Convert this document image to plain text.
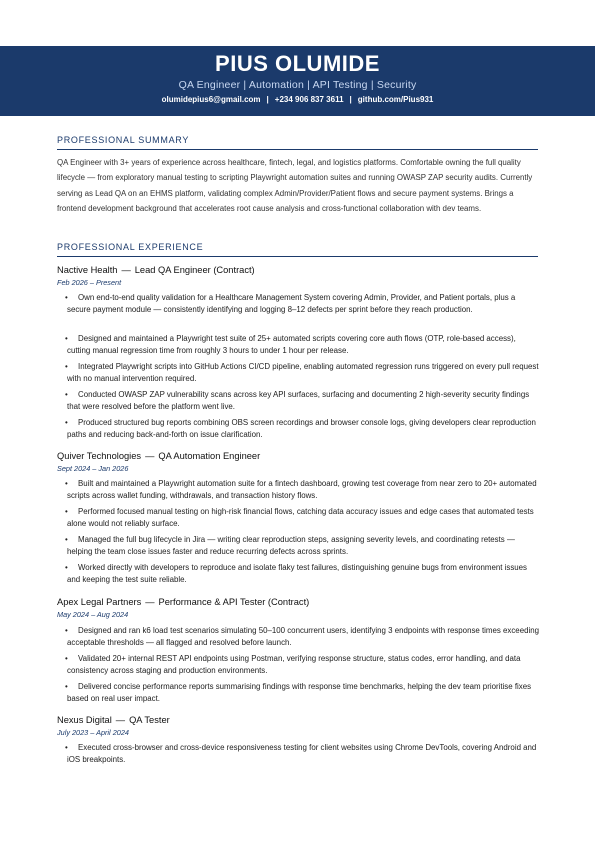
PIUS OLUMIDE
QA Engineer | Automation | API Testing | Security
olumidepius6@gmail.com | +234 906 837 3611 | github.com/Pius931
PROFESSIONAL SUMMARY
QA Engineer with 3+ years of experience across healthcare, fintech, legal, and logistics platforms. Comfortable owning the full quality lifecycle — from exploratory manual testing to scripting Playwright automation suites and running OWASP ZAP security audits. Currently serving as Lead QA on an EHMS platform, validating complex Admin/Provider/Patient flows and secure payment systems. Brings a frontend development background that accelerates root cause analysis and cross-functional collaboration with dev teams.
PROFESSIONAL EXPERIENCE
Nactive Health — Lead QA Engineer (Contract)
Feb 2026 – Present
•	Own end-to-end quality validation for a Healthcare Management System covering Admin, Provider, and Patient portals, plus a secure payment module — consistently identifying and logging 8–12 defects per sprint before they reach production.
•	Designed and maintained a Playwright test suite of 25+ automated scripts covering core auth flows (OTP, role-based access), cutting manual regression time from roughly 3 hours to under 1 hour per release.
•	Integrated Playwright scripts into GitHub Actions CI/CD pipeline, enabling automated regression runs triggered on every pull request with no manual intervention required.
•	Conducted OWASP ZAP vulnerability scans across key API surfaces, surfacing and documenting 2 high-severity security findings that were resolved before the platform went live.
•	Produced structured bug reports combining OBS screen recordings and browser console logs, giving developers clear reproduction paths and reducing back-and-forth on issue clarification.
Quiver Technologies — QA Automation Engineer
Sept 2024 – Jan 2026
•	Built and maintained a Playwright automation suite for a fintech dashboard, growing test coverage from near zero to 20+ automated scripts across wallet funding, withdrawals, and transaction history flows.
•	Performed focused manual testing on high-risk financial flows, catching data accuracy issues and edge cases that automated tests alone would not reliably surface.
•	Managed the full bug lifecycle in Jira — writing clear reproduction steps, assigning severity levels, and coordinating retests — helping the team close issues faster and reduce recurring defects across sprints.
•	Worked directly with developers to reproduce and isolate flaky test failures, distinguishing genuine bugs from environment issues and keeping the test suite reliable.
Apex Legal Partners — Performance & API Tester (Contract)
May 2024 – Aug 2024
•	Designed and ran k6 load test scenarios simulating 50–100 concurrent users, identifying 3 endpoints with response times exceeding acceptable thresholds — all flagged and resolved before launch.
•	Validated 20+ internal REST API endpoints using Postman, verifying response structure, status codes, error handling, and data consistency across staging and production environments.
•	Delivered concise performance reports summarising findings with response time benchmarks, helping the dev team prioritise fixes based on real user impact.
Nexus Digital — QA Tester
July 2023 – April 2024
•	Executed cross-browser and cross-device responsiveness testing for client websites using Chrome DevTools, covering Android and iOS breakpoints.
